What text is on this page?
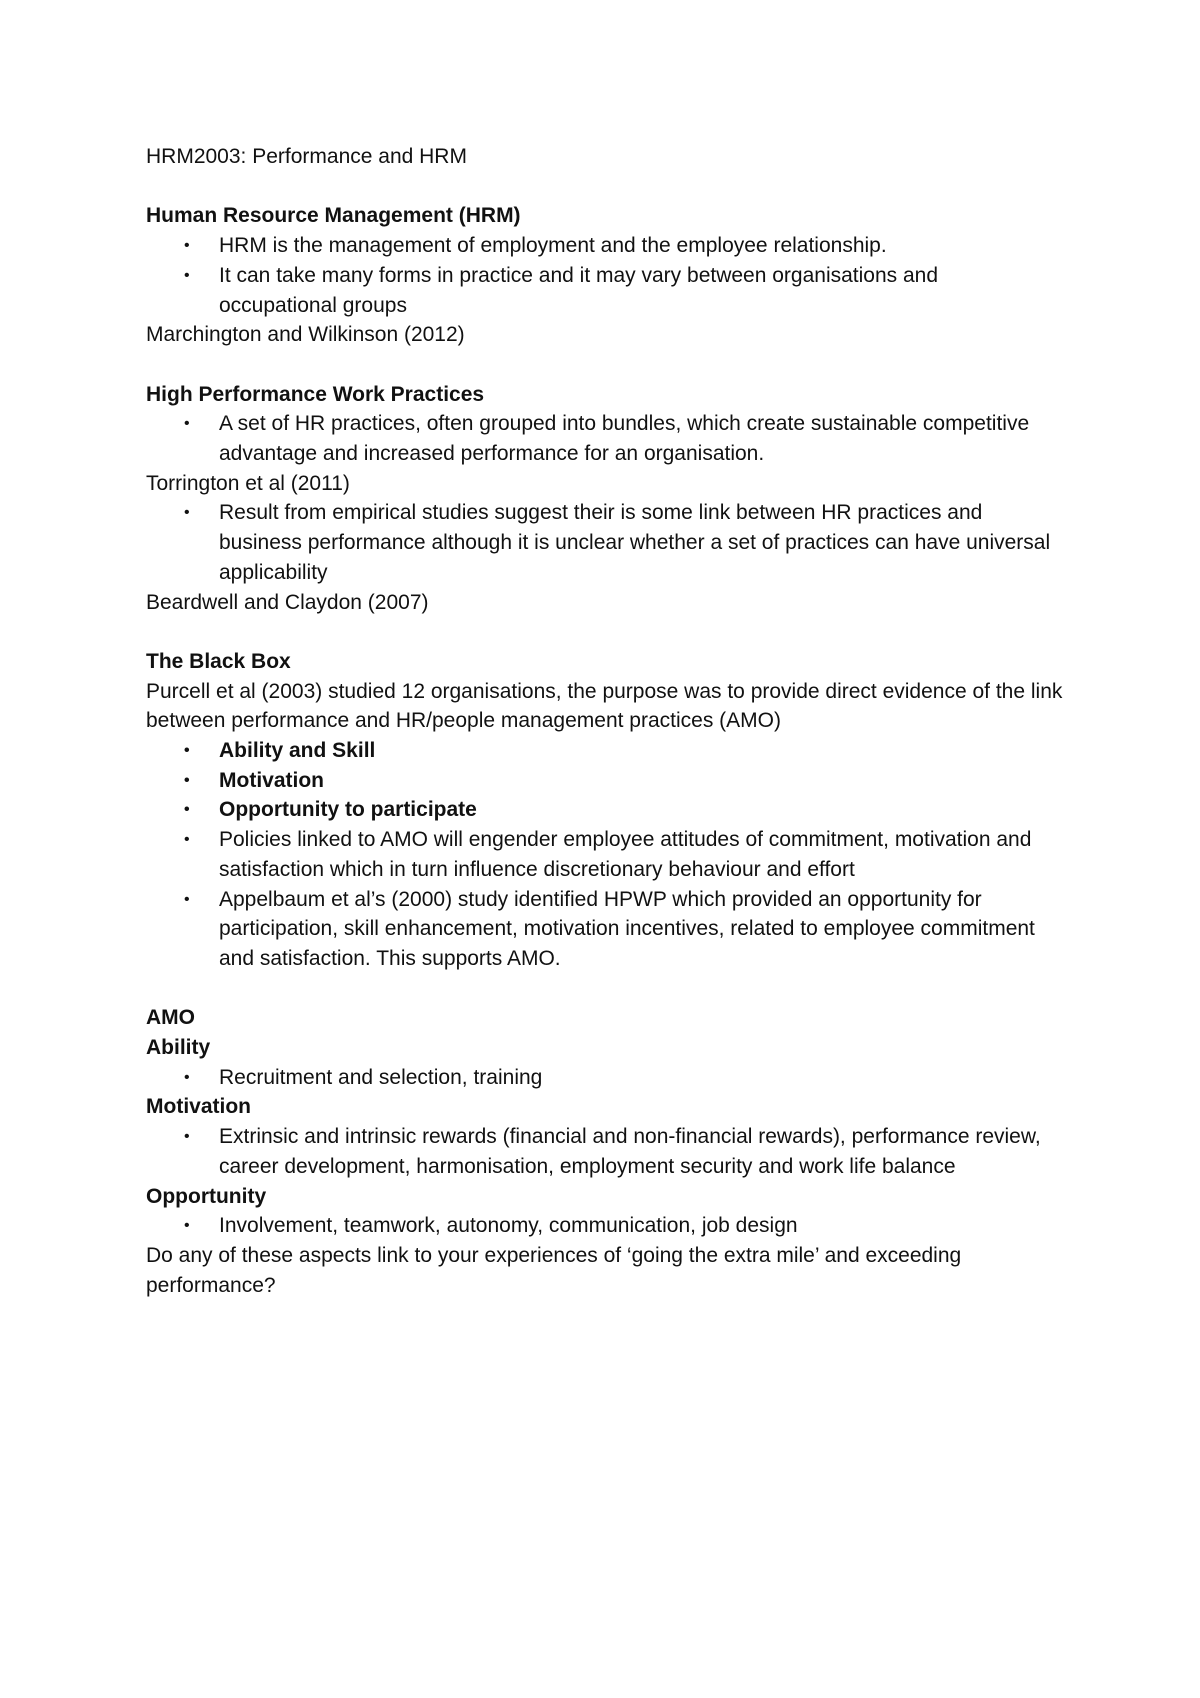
HRM2003: Performance and HRM

Human Resource Management (HRM)

• HRM is the management of employment and the employee relationship.
• It can take many forms in practice and it may vary between organisations and occupational groups

Marchington and Wilkinson (2012)

High Performance Work Practices

• A set of HR practices, often grouped into bundles, which create sustainable competitive advantage and increased performance for an organisation.

Torrington et al (2011)

• Result from empirical studies suggest their is some link between HR practices and business performance although it is unclear whether a set of practices can have universal applicability

Beardwell and Claydon (2007)

The Black Box

Purcell et al (2003) studied 12 organisations, the purpose was to provide direct evidence of the link between performance and HR/people management practices (AMO)

• Ability and Skill
• Motivation
• Opportunity to participate
• Policies linked to AMO will engender employee attitudes of commitment, motivation and satisfaction which in turn influence discretionary behaviour and effort
• Appelbaum et al’s (2000) study identified HPWP which provided an opportunity for participation, skill enhancement, motivation incentives, related to employee commitment and satisfaction. This supports AMO.

AMO

Ability

• Recruitment and selection, training

Motivation

• Extrinsic and intrinsic rewards (financial and non-financial rewards), performance review, career development, harmonisation, employment security and work life balance

Opportunity

• Involvement, teamwork, autonomy, communication, job design

Do any of these aspects link to your experiences of ‘going the extra mile’ and exceeding performance?
